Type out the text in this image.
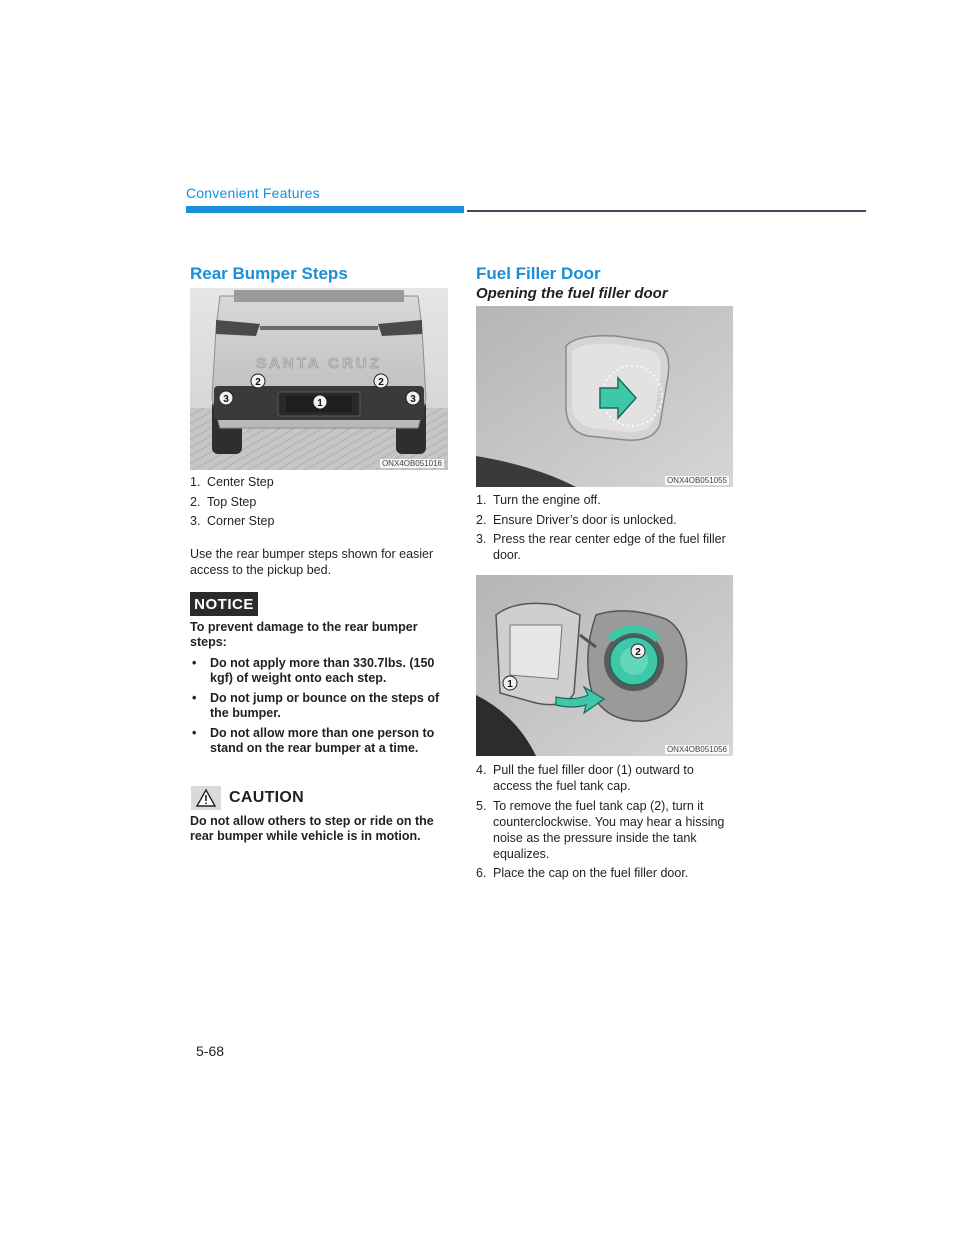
Convenient Features
Rear Bumper Steps
SANTA CRUZ
1
2	2
3	3
ONX4OB051016
1. Center Step
2. Top Step
3. Corner Step

Use the rear bumper steps shown for easier access to the pickup bed.

NOTICE

To prevent damage to the rear bumper steps:

•	Do not apply more than 330.7lbs. (150 kgf) of weight onto each step.
•	Do not jump or bounce on the steps of the bumper.
•	Do not allow more than one person to stand on the rear bumper at a time.
CAUTION

Do not allow others to step or ride on the rear bumper while vehicle is in motion.

Fuel Filler Door
Opening the fuel filler door
ONX4OB051055
1. Turn the engine off.
2. Ensure Driver’s door is unlocked.
3. Press the rear center edge of the fuel filler door.
1
2
ONX4OB051056
4. Pull the fuel filler door (1) outward to access the fuel tank cap.
5. To remove the fuel tank cap (2), turn it counterclockwise. You may hear a hissing noise as the pressure inside the tank equalizes.
6. Place the cap on the fuel filler door.
5-68
